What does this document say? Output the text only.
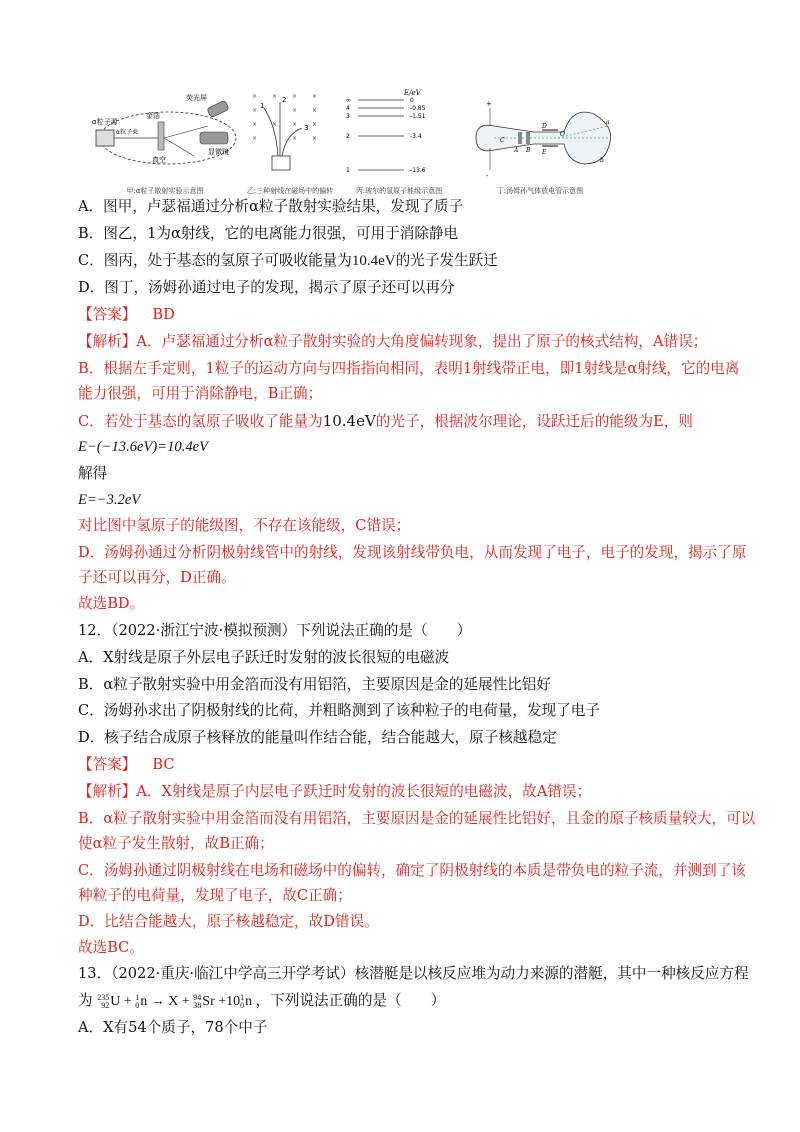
α粒子源
荧光屏
金箔
显微镜
真空
α粒子束
甲:α粒子散射实验示意图
× × × ×
×	× ×
× × × ×
×	× ×
1
2
3
乙:三种射线在磁场中的偏转
E/eV
∞	0
4	-0.85
3	-1.51
2	-3.4
1	-13.6
丙:玻尔的氢原子能级示意图
C
A B
D
E
O
a
b
+
-
丁:汤姆孙气体放电管示意图
A．图甲，卢瑟福通过分析α粒子散射实验结果，发现了质子
B．图乙，1为α射线，它的电离能力很强，可用于消除静电
C．图丙，处于基态的氢原子可吸收能量为10.4eV的光子发生跃迁
D．图丁，汤姆孙通过电子的发现，揭示了原子还可以再分
【答案】 BD
【解析】A．卢瑟福通过分析α粒子散射实验的大角度偏转现象，提出了原子的核式结构，A错误；
B．根据左手定则，1粒子的运动方向与四指指向相同，表明1射线带正电，即1射线是α射线，它的电离
能力很强，可用于消除静电，B正确；
C．若处于基态的氢原子吸收了能量为10.4eV的光子，根据波尔理论，设跃迁后的能级为E，则
E−(−13.6eV)=10.4eV
解得
E=−3.2eV
对比图中氢原子的能级图，不存在该能级，C错误；
D．汤姆孙通过分析阴极射线管中的射线，发现该射线带负电，从而发现了电子，电子的发现，揭示了原
子还可以再分，D正确。
故选BD。
12．（2022·浙江宁波·模拟预测）下列说法正确的是（　　）
A．X射线是原子外层电子跃迁时发射的波长很短的电磁波
B．α粒子散射实验中用金箔而没有用铝箔，主要原因是金的延展性比铝好
C．汤姆孙求出了阴极射线的比荷，并粗略测到了该种粒子的电荷量，发现了电子
D．核子结合成原子核释放的能量叫作结合能，结合能越大，原子核越稳定
【答案】 BC
【解析】A．X射线是原子内层电子跃迁时发射的波长很短的电磁波，故A错误；
B．α粒子散射实验中用金箔而没有用铝箔，主要原因是金的延展性比铝好，且金的原子核质量较大，可以
使α粒子发生散射，故B正确；
C．汤姆孙通过阴极射线在电场和磁场中的偏转，确定了阴极射线的本质是带负电的粒子流，并测到了该
种粒子的电荷量，发现了电子，故C正确；
D．比结合能越大，原子核越稳定，故D错误。
故选BC。
13．（2022·重庆·临江中学高三开学考试）核潜艇是以核反应堆为动力来源的潜艇，其中一种核反应方程
为 235
92 U + 1
0 n → X + 94
38 Sr +10 1
0 n ，下列说法正确的是（　　）
A．X有54个质子，78个中子
